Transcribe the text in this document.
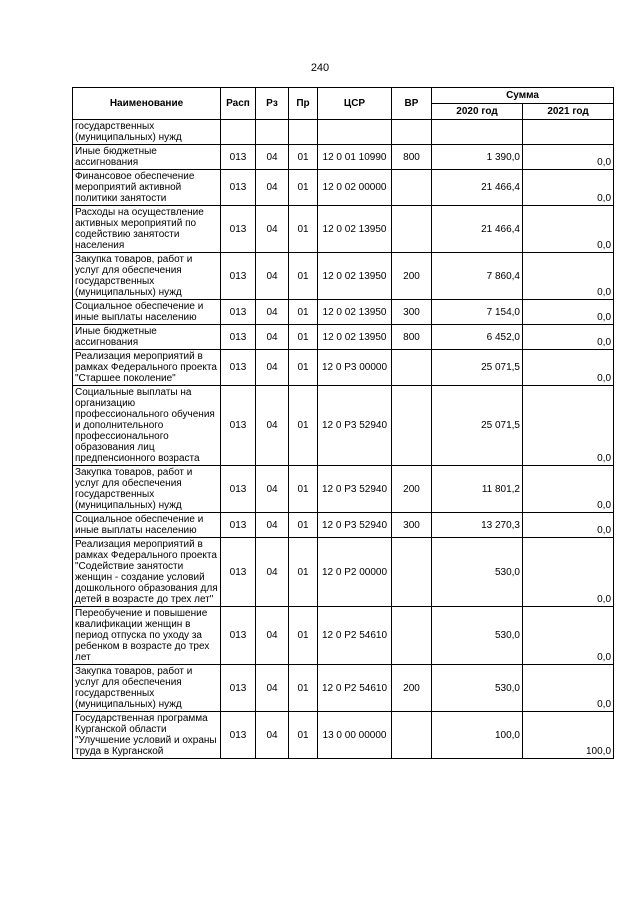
240
Наименование	Расп	Рз	Пр	ЦСР	ВР	Сумма	
						2020 год	2021 год
государственных (муниципальных) нужд							
Иные бюджетные ассигнования	013	04	01	12 0 01 10990	800	1 390,0	0,0
Финансовое обеспечение мероприятий активной политики занятости	013	04	01	12 0 02 00000		21 466,4	0,0
Расходы на осуществление активных мероприятий по содействию занятости населения	013	04	01	12 0 02 13950		21 466,4	0,0
Закупка товаров, работ и услуг для обеспечения государственных (муниципальных) нужд	013	04	01	12 0 02 13950	200	7 860,4	0,0
Социальное обеспечение и иные выплаты населению	013	04	01	12 0 02 13950	300	7 154,0	0,0
Иные бюджетные ассигнования	013	04	01	12 0 02 13950	800	6 452,0	0,0
Реализация мероприятий в рамках Федерального проекта "Старшее поколение"	013	04	01	12 0 P3 00000		25 071,5	0,0
Социальные выплаты на организацию профессионального обучения и дополнительного профессионального образования лиц предпенсионного возраста	013	04	01	12 0 P3 52940		25 071,5	0,0
Закупка товаров, работ и услуг для обеспечения государственных (муниципальных) нужд	013	04	01	12 0 P3 52940	200	11 801,2	0,0
Социальное обеспечение и иные выплаты населению	013	04	01	12 0 P3 52940	300	13 270,3	0,0
Реализация мероприятий в рамках Федерального проекта "Содействие занятости женщин - создание условий дошкольного образования для детей в возрасте до трех лет"	013	04	01	12 0 P2 00000		530,0	0,0
Переобучение и повышение квалификации женщин в период отпуска по уходу за ребенком в возрасте до трех лет	013	04	01	12 0 P2 54610		530,0	0,0
Закупка товаров, работ и услуг для обеспечения государственных (муниципальных) нужд	013	04	01	12 0 P2 54610	200	530,0	0,0
Государственная программа Курганской области "Улучшение условий и охраны труда в Курганской	013	04	01	13 0 00 00000		100,0	100,0
